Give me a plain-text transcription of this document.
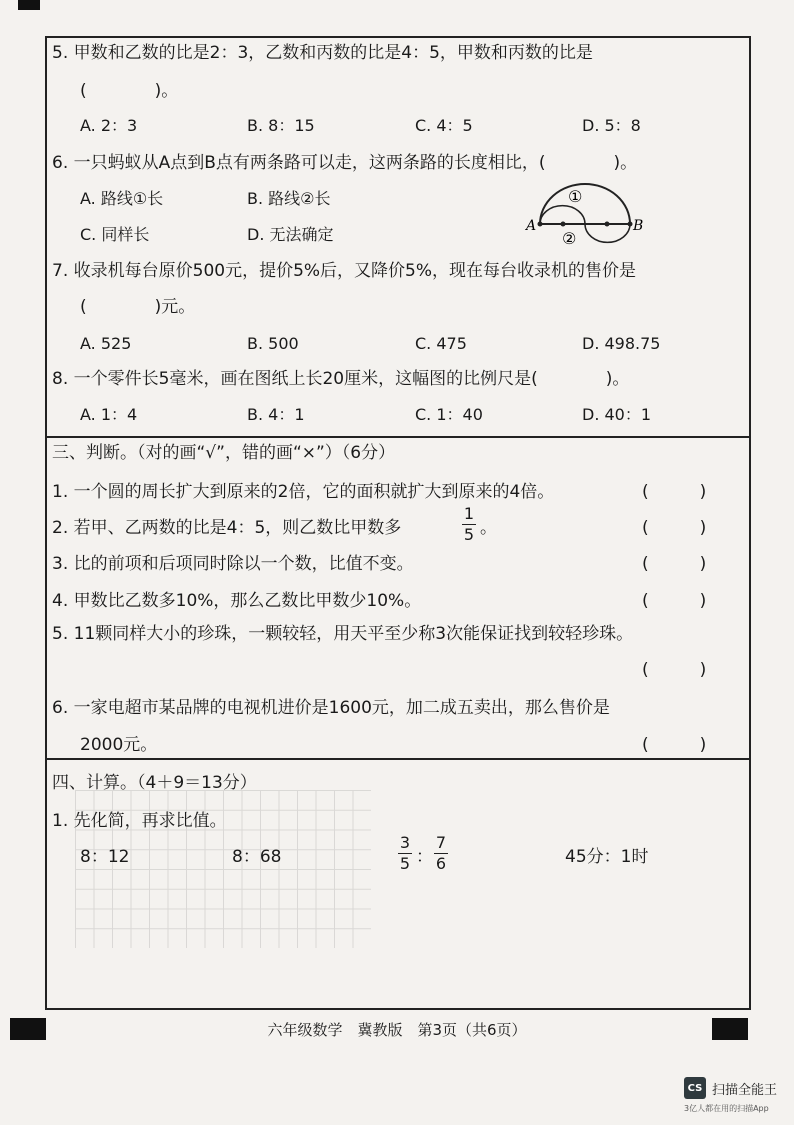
5. 甲数和乙数的比是2：3，乙数和丙数的比是4：5，甲数和丙数的比是
(　　　　)。
A. 2：3	B. 8：15	C. 4：5	D. 5：8
6. 一只蚂蚁从A点到B点有两条路可以走，这两条路的长度相比，(　　　　)。
A. 路线①长	B. 路线②长
C. 同样长	D. 无法确定	A	B
①
②
7. 收录机每台原价500元，提价5%后，又降价5%，现在每台收录机的售价是
(　　　　)元。
A. 525	B. 500	C. 475	D. 498.75
8. 一个零件长5毫米，画在图纸上长20厘米，这幅图的比例尺是(　　　　)。
A. 1：4	B. 4：1	C. 1：40	D. 40：1
三、判断。（对的画“√”，错的画“×”）（6分）
1. 一个圆的周长扩大到原来的2倍，它的面积就扩大到原来的4倍。	(　　　)
2. 若甲、乙两数的比是4：5，则乙数比甲数多
1
5 。	(　　　)
3. 比的前项和后项同时除以一个数，比值不变。	(　　　)
4. 甲数比乙数多10%，那么乙数比甲数少10%。	(　　　)
5. 11颗同样大小的珍珠，一颗较轻，用天平至少称3次能保证找到较轻珍珠。
(　　　)
6. 一家电超市某品牌的电视机进价是1600元，加二成五卖出，那么售价是
2000元。	(　　　)
四、计算。（4＋9＝13分）
1. 先化简，再求比值。
8：12	8：68
3
5 ：
7
6	45分：1时
六年级数学　冀教版　第3页（共6页）
CS 扫描全能王
3亿人都在用的扫描App
